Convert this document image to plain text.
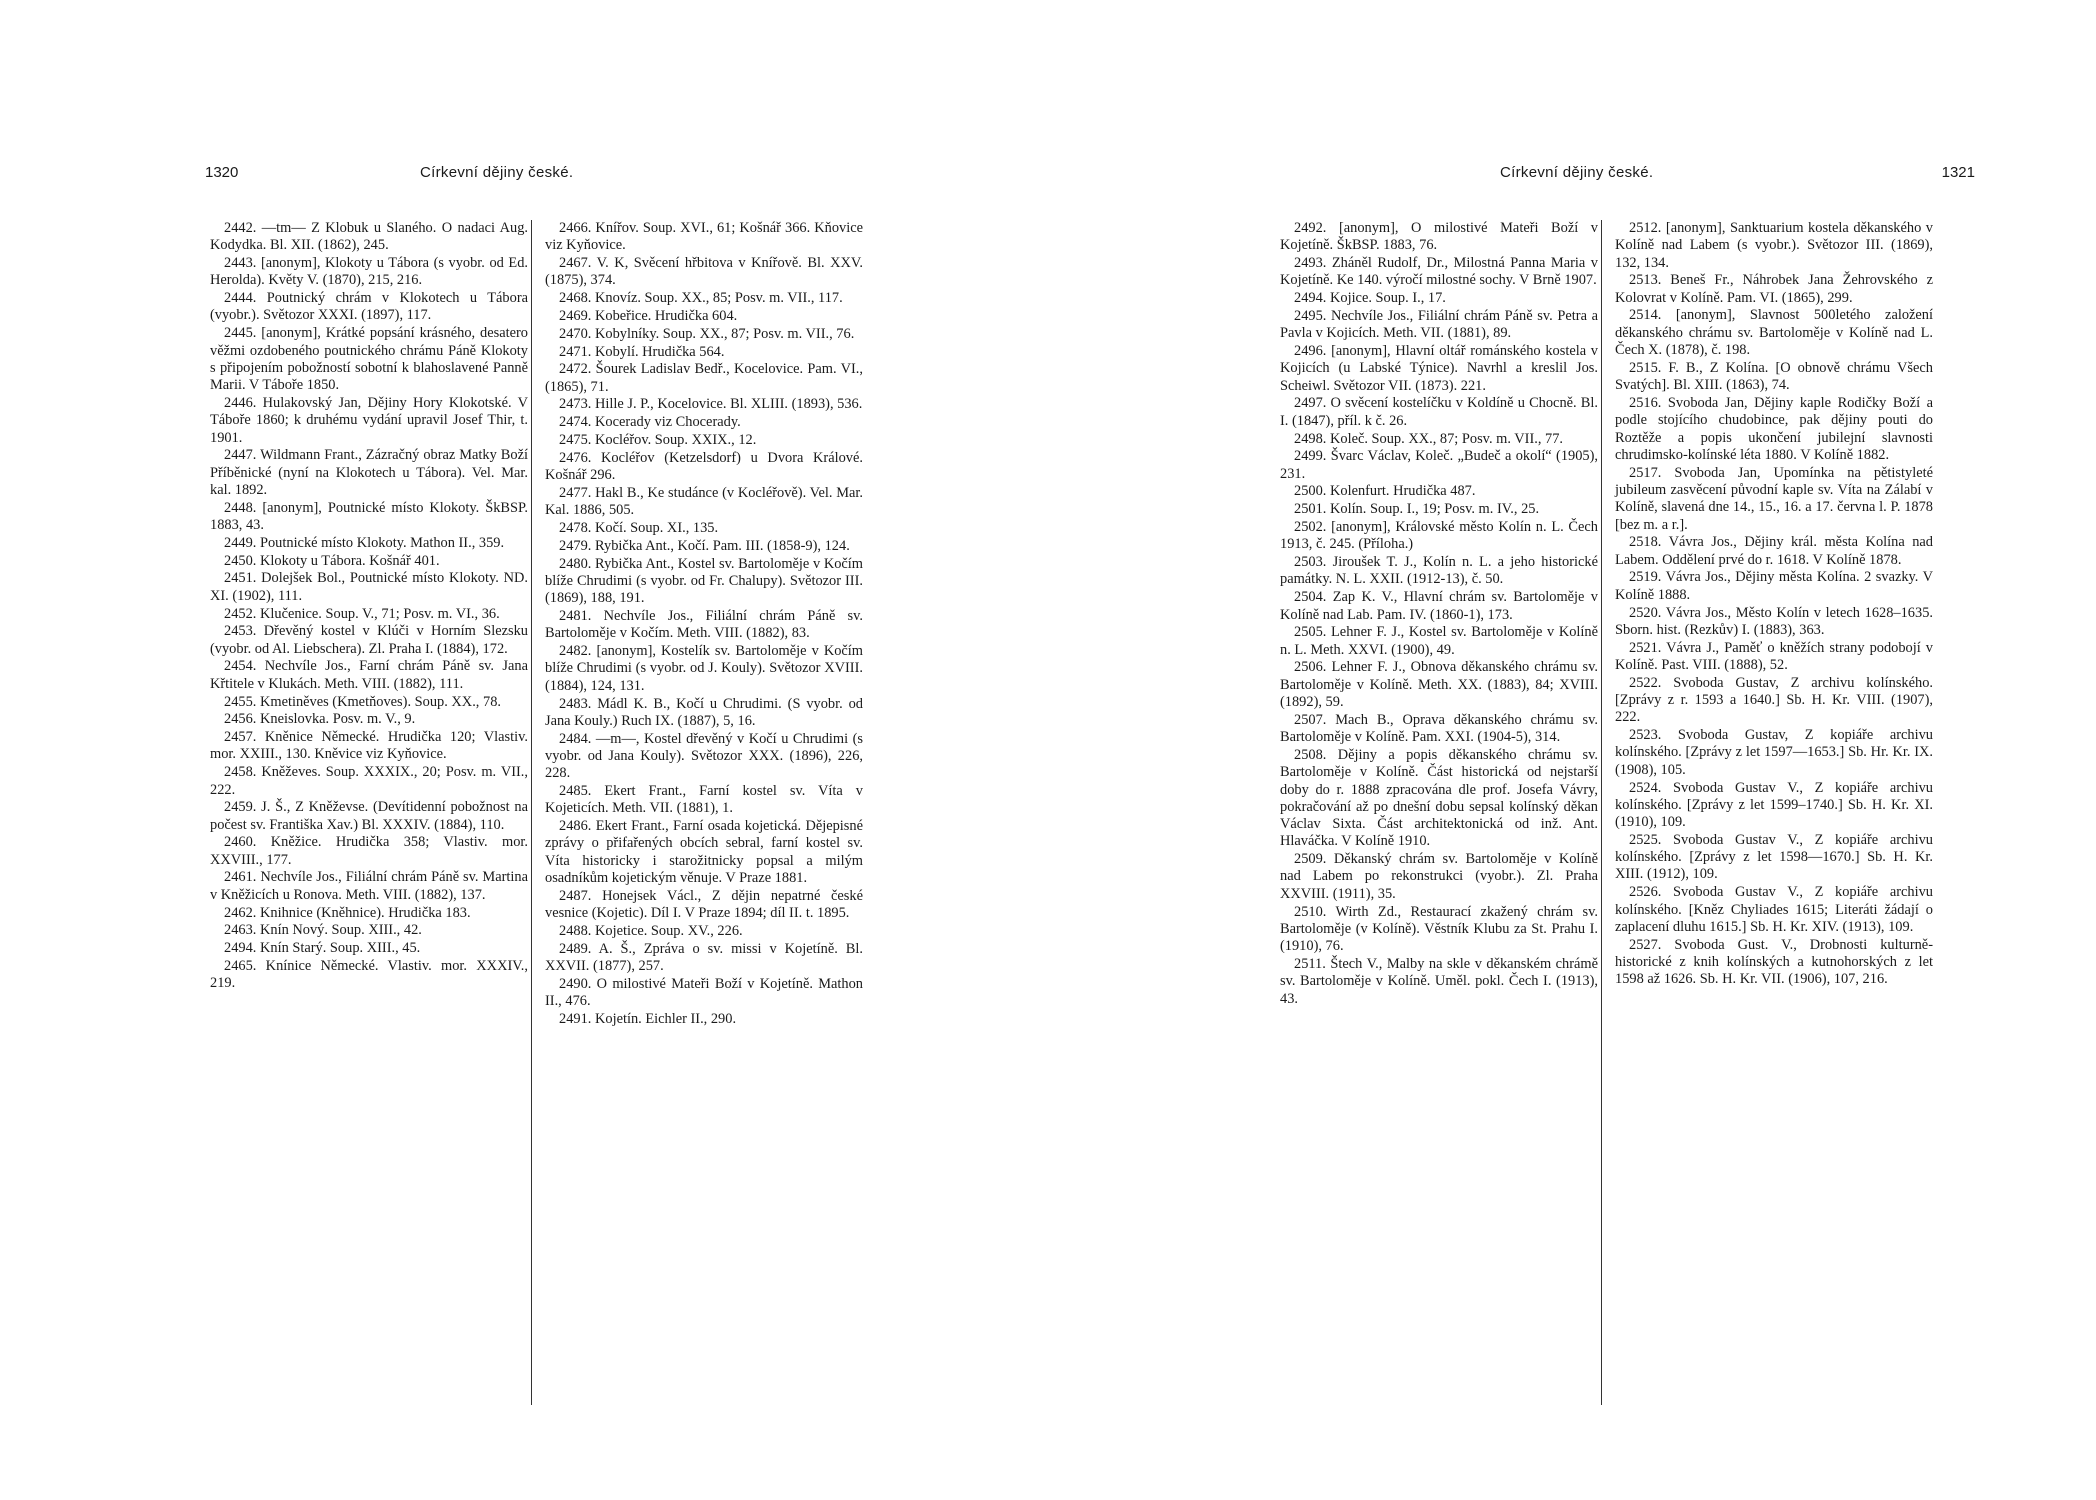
1320	Církevní dějiny české.

2442. —tm— Z Klobuk u Slaného. O nadaci Aug. Kodydka. Bl. XII. (1862), 245.

2443. [anonym], Klokoty u Tábora (s vyobr. od Ed. Herolda). Květy V. (1870), 215, 216.

2444. Poutnický chrám v Klokotech u Tábora (vyobr.). Světozor XXXI. (1897), 117.

2445. [anonym], Krátké popsání krásného, desatero věžmi ozdobeného poutnického chrámu Páně Klokoty s připojením pobožností sobotní k blahoslavené Panně Marii. V Táboře 1850.

2446. Hulakovský Jan, Dějiny Hory Klokotské. V Táboře 1860; k druhému vydání upravil Josef Thir, t. 1901.

2447. Wildmann Frant., Zázračný obraz Matky Boží Příběnické (nyní na Klokotech u Tábora). Vel. Mar. kal. 1892.

2448. [anonym], Poutnické místo Klokoty. ŠkBSP. 1883, 43.

2449. Poutnické místo Klokoty. Mathon II., 359.

2450. Klokoty u Tábora. Košnář 401.

2451. Dolejšek Bol., Poutnické místo Klokoty. ND. XI. (1902), 111.

2452. Klučenice. Soup. V., 71; Posv. m. VI., 36.

2453. Dřevěný kostel v Klúči v Horním Slezsku (vyobr. od Al. Liebschera). Zl. Praha I. (1884), 172.

2454. Nechvíle Jos., Farní chrám Páně sv. Jana Křtitele v Klukách. Meth. VIII. (1882), 111.

2455. Kmetiněves (Kmetňoves). Soup. XX., 78.

2456. Kneislovka. Posv. m. V., 9.

2457. Kněnice Německé. Hrudička 120; Vlastiv. mor. XXIII., 130. Kněvice viz Kyňovice.

2458. Kněževes. Soup. XXXIX., 20; Posv. m. VII., 222.

2459. J. Š., Z Kněževse. (Devítidenní pobožnost na počest sv. Františka Xav.) Bl. XXXIV. (1884), 110.

2460. Kněžice. Hrudička 358; Vlastiv. mor. XXVIII., 177.

2461. Nechvíle Jos., Filiální chrám Páně sv. Martina v Kněžicích u Ronova. Meth. VIII. (1882), 137.

2462. Knihnice (Kněhnice). Hrudička 183.

2463. Knín Nový. Soup. XIII., 42.

2494. Knín Starý. Soup. XIII., 45.

2465. Knínice Německé. Vlastiv. mor. XXXIV., 219.

2466. Knířov. Soup. XVI., 61; Košnář 366. Kňovice viz Kyňovice.

2467. V. K, Svěcení hřbitova v Knířově. Bl. XXV. (1875), 374.

2468. Knovíz. Soup. XX., 85; Posv. m. VII., 117.

2469. Kobeřice. Hrudička 604.

2470. Kobylníky. Soup. XX., 87; Posv. m. VII., 76.

2471. Kobylí. Hrudička 564.

2472. Šourek Ladislav Bedř., Kocelovice. Pam. VI., (1865), 71.

2473. Hille J. P., Kocelovice. Bl. XLIII. (1893), 536.

2474. Kocerady viz Chocerady.

2475. Kocléřov. Soup. XXIX., 12.

2476. Kocléřov (Ketzelsdorf) u Dvora Králové. Košnář 296.

2477. Hakl B., Ke studánce (v Kocléřově). Vel. Mar. Kal. 1886, 505.

2478. Kočí. Soup. XI., 135.

2479. Rybička Ant., Kočí. Pam. III. (1858-9), 124.

2480. Rybička Ant., Kostel sv. Bartoloměje v Kočím blíže Chrudimi (s vyobr. od Fr. Chalupy). Světozor III. (1869), 188, 191.

2481. Nechvíle Jos., Filiální chrám Páně sv. Bartoloměje v Kočím. Meth. VIII. (1882), 83.

2482. [anonym], Kostelík sv. Bartoloměje v Kočím blíže Chrudimi (s vyobr. od J. Kouly). Světozor XVIII. (1884), 124, 131.

2483. Mádl K. B., Kočí u Chrudimi. (S vyobr. od Jana Kouly.) Ruch IX. (1887), 5, 16.

2484. —m—, Kostel dřevěný v Kočí u Chrudimi (s vyobr. od Jana Kouly). Světozor XXX. (1896), 226, 228.

2485. Ekert Frant., Farní kostel sv. Víta v Kojeticích. Meth. VII. (1881), 1.

2486. Ekert Frant., Farní osada kojetická. Dějepisné zprávy o přifařených obcích sebral, farní kostel sv. Víta historicky i starožitnicky popsal a milým osadníkům kojetickým věnuje. V Praze 1881.

2487. Honejsek Václ., Z dějin nepatrné české vesnice (Kojetic). Díl I. V Praze 1894; díl II. t. 1895.

2488. Kojetice. Soup. XV., 226.

2489. A. Š., Zpráva o sv. missi v Kojetíně. Bl. XXVII. (1877), 257.

2490. O milostivé Mateři Boží v Kojetíně. Mathon II., 476.

2491. Kojetín. Eichler II., 290.

Církevní dějiny české.	1321

2492. [anonym], O milostivé Mateři Boží v Kojetíně. ŠkBSP. 1883, 76.

2493. Zháněl Rudolf, Dr., Milostná Panna Maria v Kojetíně. Ke 140. výročí milostné sochy. V Brně 1907.

2494. Kojice. Soup. I., 17.

2495. Nechvíle Jos., Filiální chrám Páně sv. Petra a Pavla v Kojicích. Meth. VII. (1881), 89.

2496. [anonym], Hlavní oltář románského kostela v Kojicích (u Labské Týnice). Navrhl a kreslil Jos. Scheiwl. Světozor VII. (1873). 221.

2497. O svěcení kostelíčku v Koldíně u Chocně. Bl. I. (1847), příl. k č. 26.

2498. Koleč. Soup. XX., 87; Posv. m. VII., 77.

2499. Švarc Václav, Koleč. „Budeč a okolí“ (1905), 231.

2500. Kolenfurt. Hrudička 487.

2501. Kolín. Soup. I., 19; Posv. m. IV., 25.

2502. [anonym], Královské město Kolín n. L. Čech 1913, č. 245. (Příloha.)

2503. Jiroušek T. J., Kolín n. L. a jeho historické památky. N. L. XXII. (1912-13), č. 50.

2504. Zap K. V., Hlavní chrám sv. Bartoloměje v Kolíně nad Lab. Pam. IV. (1860-1), 173.

2505. Lehner F. J., Kostel sv. Bartoloměje v Kolíně n. L. Meth. XXVI. (1900), 49.

2506. Lehner F. J., Obnova děkanského chrámu sv. Bartoloměje v Kolíně. Meth. XX. (1883), 84; XVIII. (1892), 59.

2507. Mach B., Oprava děkanského chrámu sv. Bartoloměje v Kolíně. Pam. XXI. (1904-5), 314.

2508. Dějiny a popis děkanského chrámu sv. Bartoloměje v Kolíně. Část historická od nejstarší doby do r. 1888 zpracována dle prof. Josefa Vávry, pokračování až po dnešní dobu sepsal kolínský děkan Václav Sixta. Část architektonická od inž. Ant. Hlaváčka. V Kolíně 1910.

2509. Děkanský chrám sv. Bartoloměje v Kolíně nad Labem po rekonstrukci (vyobr.). Zl. Praha XXVIII. (1911), 35.

2510. Wirth Zd., Restaurací zkažený chrám sv. Bartoloměje (v Kolíně). Věstník Klubu za St. Prahu I. (1910), 76.

2511. Štech V., Malby na skle v děkanském chrámě sv. Bartoloměje v Kolíně. Uměl. pokl. Čech I. (1913), 43.

2512. [anonym], Sanktuarium kostela děkanského v Kolíně nad Labem (s vyobr.). Světozor III. (1869), 132, 134.

2513. Beneš Fr., Náhrobek Jana Žehrovského z Kolovrat v Kolíně. Pam. VI. (1865), 299.

2514. [anonym], Slavnost 500letého založení děkanského chrámu sv. Bartoloměje v Kolíně nad L. Čech X. (1878), č. 198.

2515. F. B., Z Kolína. [O obnově chrámu Všech Svatých]. Bl. XIII. (1863), 74.

2516. Svoboda Jan, Dějiny kaple Rodičky Boží a podle stojícího chudobince, pak dějiny pouti do Roztěže a popis ukončení jubilejní slavnosti chrudimsko-kolínské léta 1880. V Kolíně 1882.

2517. Svoboda Jan, Upomínka na pětistyleté jubileum zasvěcení původní kaple sv. Víta na Zálabí v Kolíně, slavená dne 14., 15., 16. a 17. června l. P. 1878 [bez m. a r.].

2518. Vávra Jos., Dějiny král. města Kolína nad Labem. Oddělení prvé do r. 1618. V Kolíně 1878.

2519. Vávra Jos., Dějiny města Kolína. 2 svazky. V Kolíně 1888.

2520. Vávra Jos., Město Kolín v letech 1628–1635. Sborn. hist. (Rezkův) I. (1883), 363.

2521. Vávra J., Paměť o kněžích strany podobojí v Kolíně. Past. VIII. (1888), 52.

2522. Svoboda Gustav, Z archivu kolínského. [Zprávy z r. 1593 a 1640.] Sb. H. Kr. VIII. (1907), 222.

2523. Svoboda Gustav, Z kopiáře archivu kolínského. [Zprávy z let 1597—1653.] Sb. Hr. Kr. IX. (1908), 105.

2524. Svoboda Gustav V., Z kopiáře archivu kolínského. [Zprávy z let 1599–1740.] Sb. H. Kr. XI. (1910), 109.

2525. Svoboda Gustav V., Z kopiáře archivu kolínského. [Zprávy z let 1598—1670.] Sb. H. Kr. XIII. (1912), 109.

2526. Svoboda Gustav V., Z kopiáře archivu kolínského. [Kněz Chyliades 1615; Literáti žádají o zaplacení dluhu 1615.] Sb. H. Kr. XIV. (1913), 109.

2527. Svoboda Gust. V., Drobnosti kulturně-historické z knih kolínských a kutnohorských z let 1598 až 1626. Sb. H. Kr. VII. (1906), 107, 216.
